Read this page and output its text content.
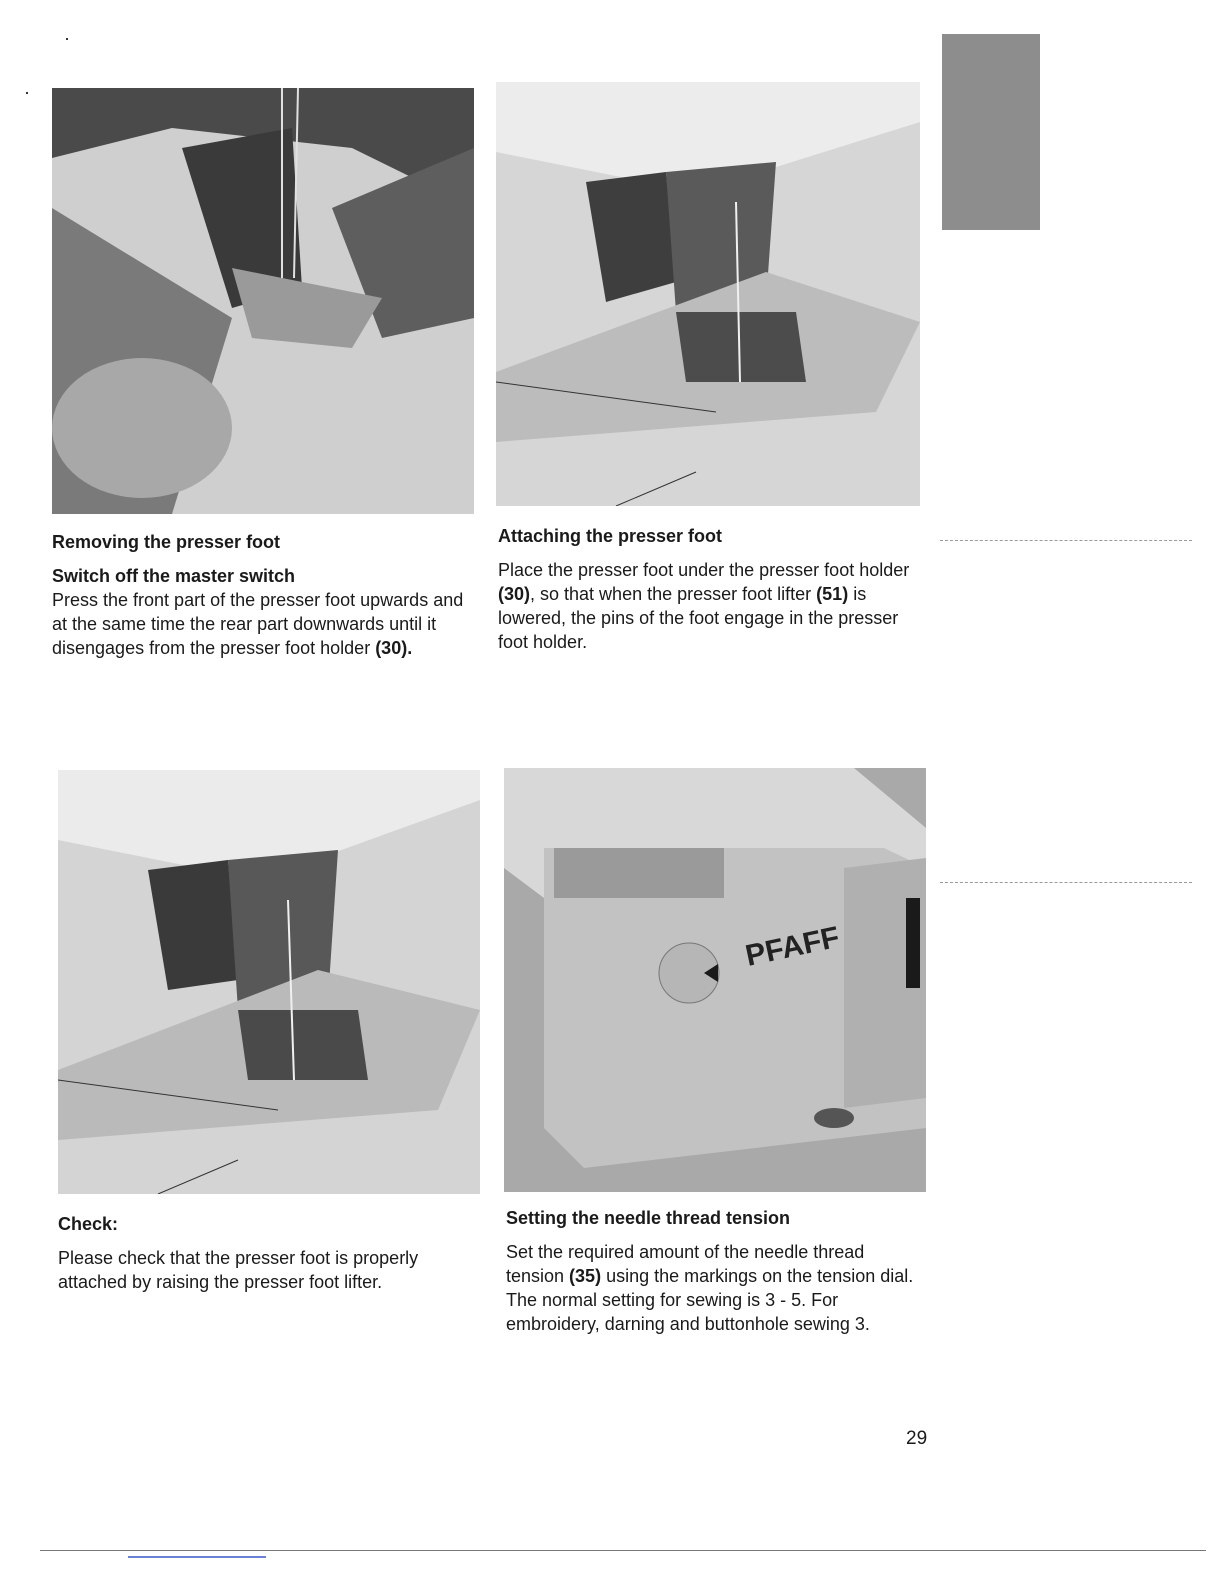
PFAFF

Removing the presser foot

Switch off the master switch

Press the front part of the presser foot upwards and at the same time the rear part downwards until it disengages from the presser foot holder (30).

Attaching the presser foot

Place the presser foot under the presser foot holder (30), so that when the presser foot lifter (51) is lowered, the pins of the foot engage in the presser foot holder.

Check:

Please check that the presser foot is properly attached by raising the presser foot lifter.

Setting the needle thread tension

Set the required amount of the needle thread tension (35) using the markings on the tension dial.

The normal setting for sewing is 3 - 5. For embroidery, darning and buttonhole sewing 3.

29
